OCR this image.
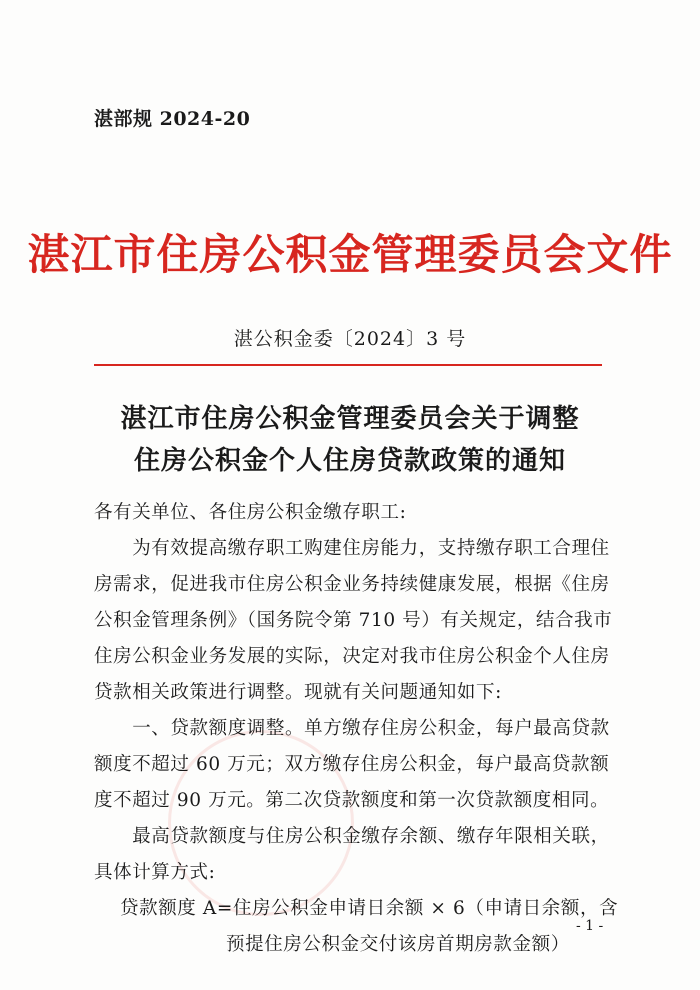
湛部规 2024-20
湛江市住房公积金管理委员会文件
湛公积金委〔2024〕3 号
湛江市住房公积金管理委员会关于调整
住房公积金个人住房贷款政策的通知
各有关单位、各住房公积金缴存职工:
　　为有效提高缴存职工购建住房能力，支持缴存职工合理住
房需求，促进我市住房公积金业务持续健康发展，根据《住房
公积金管理条例》（国务院令第 710 号）有关规定，结合我市
住房公积金业务发展的实际，决定对我市住房公积金个人住房
贷款相关政策进行调整。现就有关问题通知如下:
　　一、贷款额度调整。单方缴存住房公积金，每户最高贷款
额度不超过 60 万元；双方缴存住房公积金，每户最高贷款额
度不超过 90 万元。第二次贷款额度和第一次贷款额度相同。
　　最高贷款额度与住房公积金缴存余额、缴存年限相关联，
具体计算方式:
贷款额度 A=住房公积金申请日余额 × 6（申请日余额，含
预提住房公积金交付该房首期房款金额）
- 1 -
